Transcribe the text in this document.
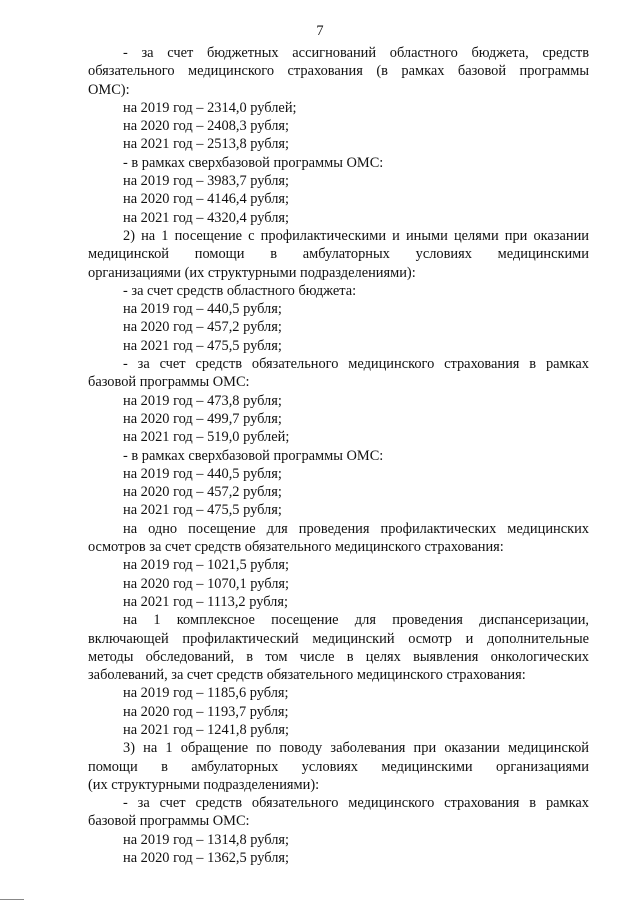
7
- за счет бюджетных ассигнований областного бюджета, средств
обязательного медицинского страхования (в рамках базовой программы
ОМС):
на 2019 год – 2314,0 рублей;
на 2020 год – 2408,3 рубля;
на 2021 год – 2513,8 рубля;
- в рамках сверхбазовой программы ОМС:
на 2019 год – 3983,7 рубля;
на 2020 год – 4146,4 рубля;
на 2021 год – 4320,4 рубля;
2) на 1 посещение с профилактическими и иными целями при оказании
медицинской помощи в амбулаторных условиях медицинскими
организациями (их структурными подразделениями):
- за счет средств областного бюджета:
на 2019 год – 440,5 рубля;
на 2020 год – 457,2 рубля;
на 2021 год – 475,5 рубля;
- за счет средств обязательного медицинского страхования в рамках
базовой программы ОМС:
на 2019 год – 473,8 рубля;
на 2020 год – 499,7 рубля;
на 2021 год – 519,0 рублей;
- в рамках сверхбазовой программы ОМС:
на 2019 год – 440,5 рубля;
на 2020 год – 457,2 рубля;
на 2021 год – 475,5 рубля;
на одно посещение для проведения профилактических медицинских
осмотров за счет средств обязательного медицинского страхования:
на 2019 год – 1021,5 рубля;
на 2020 год – 1070,1 рубля;
на 2021 год – 1113,2 рубля;
на 1 комплексное посещение для проведения диспансеризации,
включающей профилактический медицинский осмотр и дополнительные
методы обследований, в том числе в целях выявления онкологических
заболеваний, за счет средств обязательного медицинского страхования:
на 2019 год – 1185,6 рубля;
на 2020 год – 1193,7 рубля;
на 2021 год – 1241,8 рубля;
3) на 1 обращение по поводу заболевания при оказании медицинской
помощи в амбулаторных условиях медицинскими организациями
(их структурными подразделениями):
- за счет средств обязательного медицинского страхования в рамках
базовой программы ОМС:
на 2019 год – 1314,8 рубля;
на 2020 год – 1362,5 рубля;
